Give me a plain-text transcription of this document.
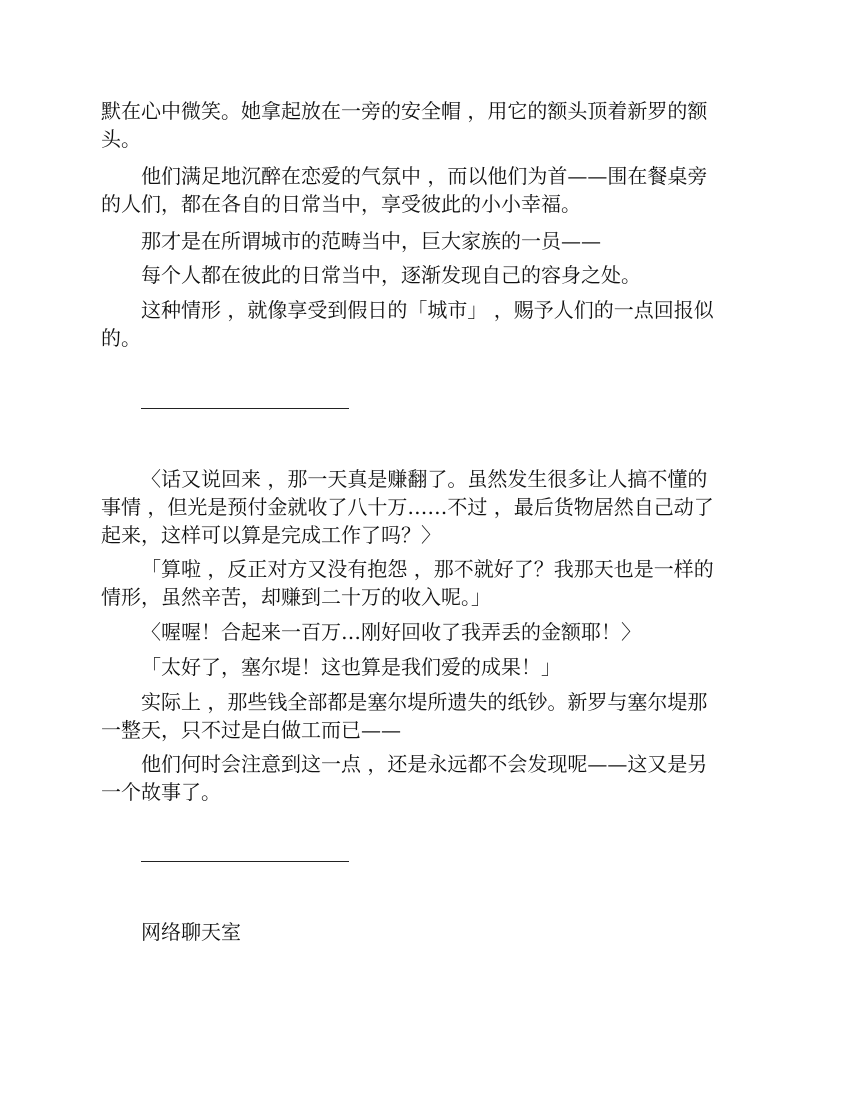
默在心中微笑。她拿起放在一旁的安全帽 ，用它的额头顶着新罗的额
头。
他们满足地沉醉在恋爱的气氛中 ，而以他们为首——围在餐桌旁
的人们，都在各自的日常当中，享受彼此的小小幸福。
那才是在所谓城市的范畴当中，巨大家族的一员——
每个人都在彼此的日常当中，逐渐发现自己的容身之处。
这种情形 ，就像享受到假日的「城市」 ，赐予人们的一点回报似
的。
〈话又说回来 ，那一天真是赚翻了。虽然发生很多让人搞不懂的
事情 ，但光是预付金就收了八十万……不过 ，最后货物居然自己动了
起来，这样可以算是完成工作了吗？〉
「算啦 ，反正对方又没有抱怨 ，那不就好了？我那天也是一样的
情形，虽然辛苦，却赚到二十万的收入呢。」
〈喔喔！合起来一百万…刚好回收了我弄丢的金额耶！〉
「太好了，塞尔堤！这也算是我们爱的成果！」
实际上 ，那些钱全部都是塞尔堤所遗失的纸钞。新罗与塞尔堤那
一整天，只不过是白做工而已——
他们何时会注意到这一点 ，还是永远都不会发现呢——这又是另
一个故事了。
网络聊天室
